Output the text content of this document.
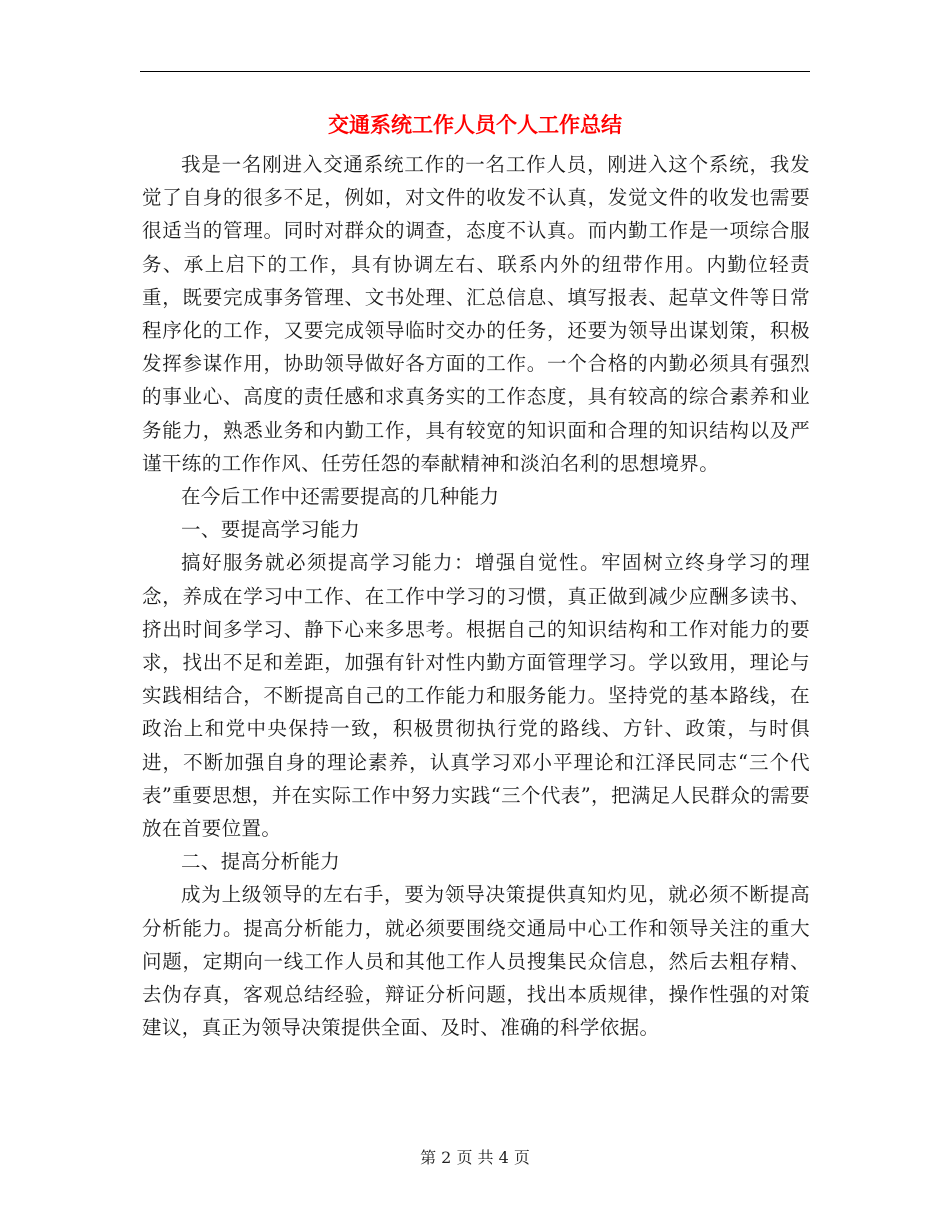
交通系统工作人员个人工作总结

我是一名刚进入交通系统工作的一名工作人员，刚进入这个系统，我发觉了自身的很多不足，例如，对文件的收发不认真，发觉文件的收发也需要很适当的管理。同时对群众的调查，态度不认真。而内勤工作是一项综合服务、承上启下的工作，具有协调左右、联系内外的纽带作用。内勤位轻责重，既要完成事务管理、文书处理、汇总信息、填写报表、起草文件等日常程序化的工作，又要完成领导临时交办的任务，还要为领导出谋划策，积极发挥参谋作用，协助领导做好各方面的工作。一个合格的内勤必须具有强烈的事业心、高度的责任感和求真务实的工作态度，具有较高的综合素养和业务能力，熟悉业务和内勤工作，具有较宽的知识面和合理的知识结构以及严谨干练的工作作风、任劳任怨的奉献精神和淡泊名利的思想境界。

在今后工作中还需要提高的几种能力

一、要提高学习能力

搞好服务就必须提高学习能力：增强自觉性。牢固树立终身学习的理念，养成在学习中工作、在工作中学习的习惯，真正做到减少应酬多读书、挤出时间多学习、静下心来多思考。根据自己的知识结构和工作对能力的要求，找出不足和差距，加强有针对性内勤方面管理学习。学以致用，理论与实践相结合，不断提高自己的工作能力和服务能力。坚持党的基本路线，在政治上和党中央保持一致，积极贯彻执行党的路线、方针、政策，与时俱进，不断加强自身的理论素养，认真学习邓小平理论和江泽民同志“三个代表”重要思想，并在实际工作中努力实践“三个代表”，把满足人民群众的需要放在首要位置。

二、提高分析能力

成为上级领导的左右手，要为领导决策提供真知灼见，就必须不断提高分析能力。提高分析能力，就必须要围绕交通局中心工作和领导关注的重大问题，定期向一线工作人员和其他工作人员搜集民众信息，然后去粗存精、去伪存真，客观总结经验，辩证分析问题，找出本质规律，操作性强的对策建议，真正为领导决策提供全面、及时、准确的科学依据。

第 2 页 共 4 页
